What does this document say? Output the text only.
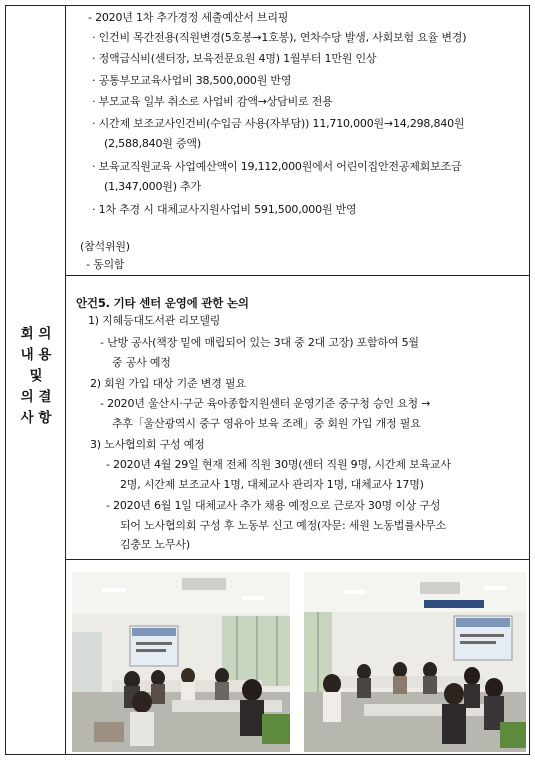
회 의
내 용
및
의 결
사 항
- 2020년 1차 추가경정 세출예산서 브리핑
· 인건비 목간전용(직원변경(5호봉→1호봉), 연차수당 발생, 사회보험 요율 변경)
· 정액급식비(센터장, 보육전문요원 4명) 1월부터 1만원 인상
· 공통부모교육사업비 38,500,000원 반영
· 부모교육 일부 취소로 사업비 감액→상담비로 전용
· 시간제 보조교사인건비(수입금 사용(자부담)) 11,710,000원→14,298,840원
(2,588,840원 증액)
· 보육교직원교육 사업예산액이 19,112,000원에서 어린이집안전공제회보조금
(1,347,000원) 추가
· 1차 추경 시 대체교사지원사업비 591,500,000원 반영
(참석위원)
- 동의함
안건5. 기타 센터 운영에 관한 논의
1) 지혜등대도서관 리모델링
- 난방 공사(책장 밑에 매립되어 있는 3대 중 2대 고장) 포함하여 5월
중 공사 예정
2) 회원 가입 대상 기준 변경 필요
- 2020년 울산시·구군 육아종합지원센터 운영기준 중구청 승인 요청 →
추후「울산광역시 중구 영유아 보육 조례」중 회원 가입 개정 필요
3) 노사협의회 구성 예정
- 2020년 4월 29일 현재 전체 직원 30명(센터 직원 9명, 시간제 보육교사
2명, 시간제 보조교사 1명, 대체교사 관리자 1명, 대체교사 17명)
- 2020년 6월 1일 대체교사 추가 채용 예정으로 근로자 30명 이상 구성
되어 노사협의회 구성 후 노동부 신고 예정(자문: 세원 노동법률사무소
김충모 노무사)
